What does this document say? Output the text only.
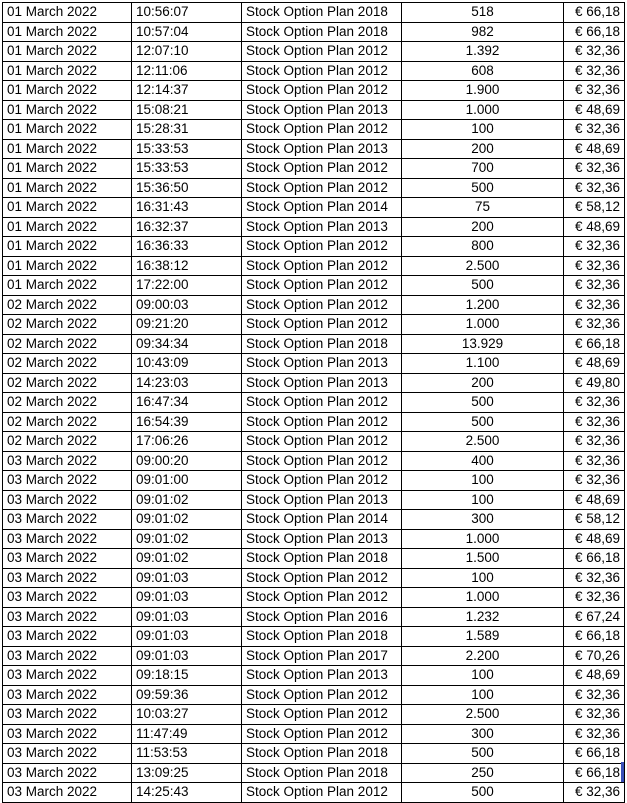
01 March 2022	10:56:07	Stock Option Plan 2018	518	€ 66,18
01 March 2022	10:57:04	Stock Option Plan 2018	982	€ 66,18
01 March 2022	12:07:10	Stock Option Plan 2012	1.392	€ 32,36
01 March 2022	12:11:06	Stock Option Plan 2012	608	€ 32,36
01 March 2022	12:14:37	Stock Option Plan 2012	1.900	€ 32,36
01 March 2022	15:08:21	Stock Option Plan 2013	1.000	€ 48,69
01 March 2022	15:28:31	Stock Option Plan 2012	100	€ 32,36
01 March 2022	15:33:53	Stock Option Plan 2013	200	€ 48,69
01 March 2022	15:33:53	Stock Option Plan 2012	700	€ 32,36
01 March 2022	15:36:50	Stock Option Plan 2012	500	€ 32,36
01 March 2022	16:31:43	Stock Option Plan 2014	75	€ 58,12
01 March 2022	16:32:37	Stock Option Plan 2013	200	€ 48,69
01 March 2022	16:36:33	Stock Option Plan 2012	800	€ 32,36
01 March 2022	16:38:12	Stock Option Plan 2012	2.500	€ 32,36
01 March 2022	17:22:00	Stock Option Plan 2012	500	€ 32,36
02 March 2022	09:00:03	Stock Option Plan 2012	1.200	€ 32,36
02 March 2022	09:21:20	Stock Option Plan 2012	1.000	€ 32,36
02 March 2022	09:34:34	Stock Option Plan 2018	13.929	€ 66,18
02 March 2022	10:43:09	Stock Option Plan 2013	1.100	€ 48,69
02 March 2022	14:23:03	Stock Option Plan 2013	200	€ 49,80
02 March 2022	16:47:34	Stock Option Plan 2012	500	€ 32,36
02 March 2022	16:54:39	Stock Option Plan 2012	500	€ 32,36
02 March 2022	17:06:26	Stock Option Plan 2012	2.500	€ 32,36
03 March 2022	09:00:20	Stock Option Plan 2012	400	€ 32,36
03 March 2022	09:01:00	Stock Option Plan 2012	100	€ 32,36
03 March 2022	09:01:02	Stock Option Plan 2013	100	€ 48,69
03 March 2022	09:01:02	Stock Option Plan 2014	300	€ 58,12
03 March 2022	09:01:02	Stock Option Plan 2013	1.000	€ 48,69
03 March 2022	09:01:02	Stock Option Plan 2018	1.500	€ 66,18
03 March 2022	09:01:03	Stock Option Plan 2012	100	€ 32,36
03 March 2022	09:01:03	Stock Option Plan 2012	1.000	€ 32,36
03 March 2022	09:01:03	Stock Option Plan 2016	1.232	€ 67,24
03 March 2022	09:01:03	Stock Option Plan 2018	1.589	€ 66,18
03 March 2022	09:01:03	Stock Option Plan 2017	2.200	€ 70,26
03 March 2022	09:18:15	Stock Option Plan 2013	100	€ 48,69
03 March 2022	09:59:36	Stock Option Plan 2012	100	€ 32,36
03 March 2022	10:03:27	Stock Option Plan 2012	2.500	€ 32,36
03 March 2022	11:47:49	Stock Option Plan 2012	300	€ 32,36
03 March 2022	11:53:53	Stock Option Plan 2018	500	€ 66,18
03 March 2022	13:09:25	Stock Option Plan 2018	250	€ 66,18
03 March 2022	14:25:43	Stock Option Plan 2012	500	€ 32,36
